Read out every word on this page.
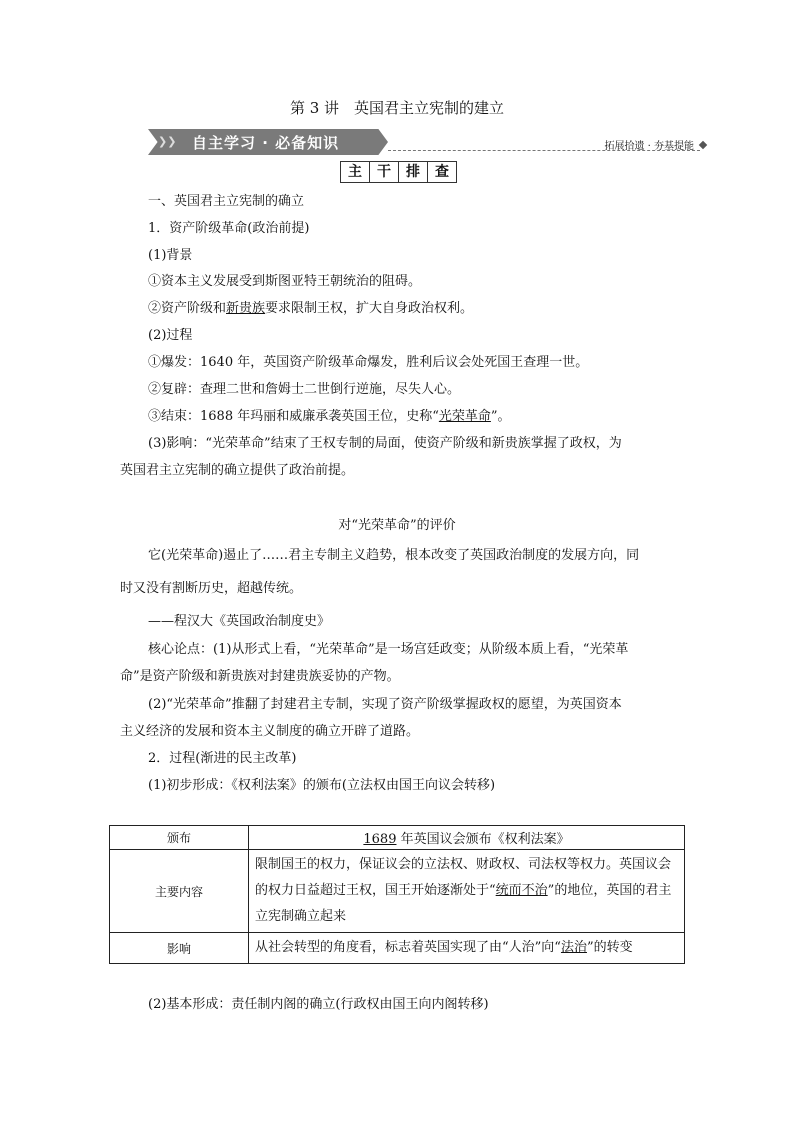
第 3 讲　英国君主立宪制的建立
❯❯ 自主学习 · 必备知识	拓展拾遗 · 夯基提能
主	干	排	查
一、英国君主立宪制的确立
1．资产阶级革命(政治前提)
(1)背景
①资本主义发展受到斯图亚特王朝统治的阻碍。
②资产阶级和新贵族要求限制王权，扩大自身政治权利。
(2)过程
①爆发：1640 年，英国资产阶级革命爆发，胜利后议会处死国王查理一世。
②复辟：查理二世和詹姆士二世倒行逆施，尽失人心。
③结束：1688 年玛丽和威廉承袭英国王位，史称“光荣革命”。
(3)影响：“光荣革命”结束了王权专制的局面，使资产阶级和新贵族掌握了政权，为
英国君主立宪制的确立提供了政治前提。
对“光荣革命”的评价
它(光荣革命)遏止了……君主专制主义趋势，根本改变了英国政治制度的发展方向，同
时又没有割断历史，超越传统。
——程汉大《英国政治制度史》
核心论点：(1)从形式上看，“光荣革命”是一场宫廷政变；从阶级本质上看，“光荣革
命”是资产阶级和新贵族对封建贵族妥协的产物。
(2)“光荣革命”推翻了封建君主专制，实现了资产阶级掌握政权的愿望，为英国资本
主义经济的发展和资本主义制度的确立开辟了道路。
2．过程(渐进的民主改革)
(1)初步形成：《权利法案》的颁布(立法权由国王向议会转移)
颁布	1689 年英国议会颁布《权利法案》
主要内容	限制国王的权力，保证议会的立法权、财政权、司法权等权力。英国议会的权力日益超过王权，国王开始逐渐处于“统而不治”的地位，英国的君主立宪制确立起来
影响	从社会转型的角度看，标志着英国实现了由“人治”向“法治”的转变
(2)基本形成：责任制内阁的确立(行政权由国王向内阁转移)
